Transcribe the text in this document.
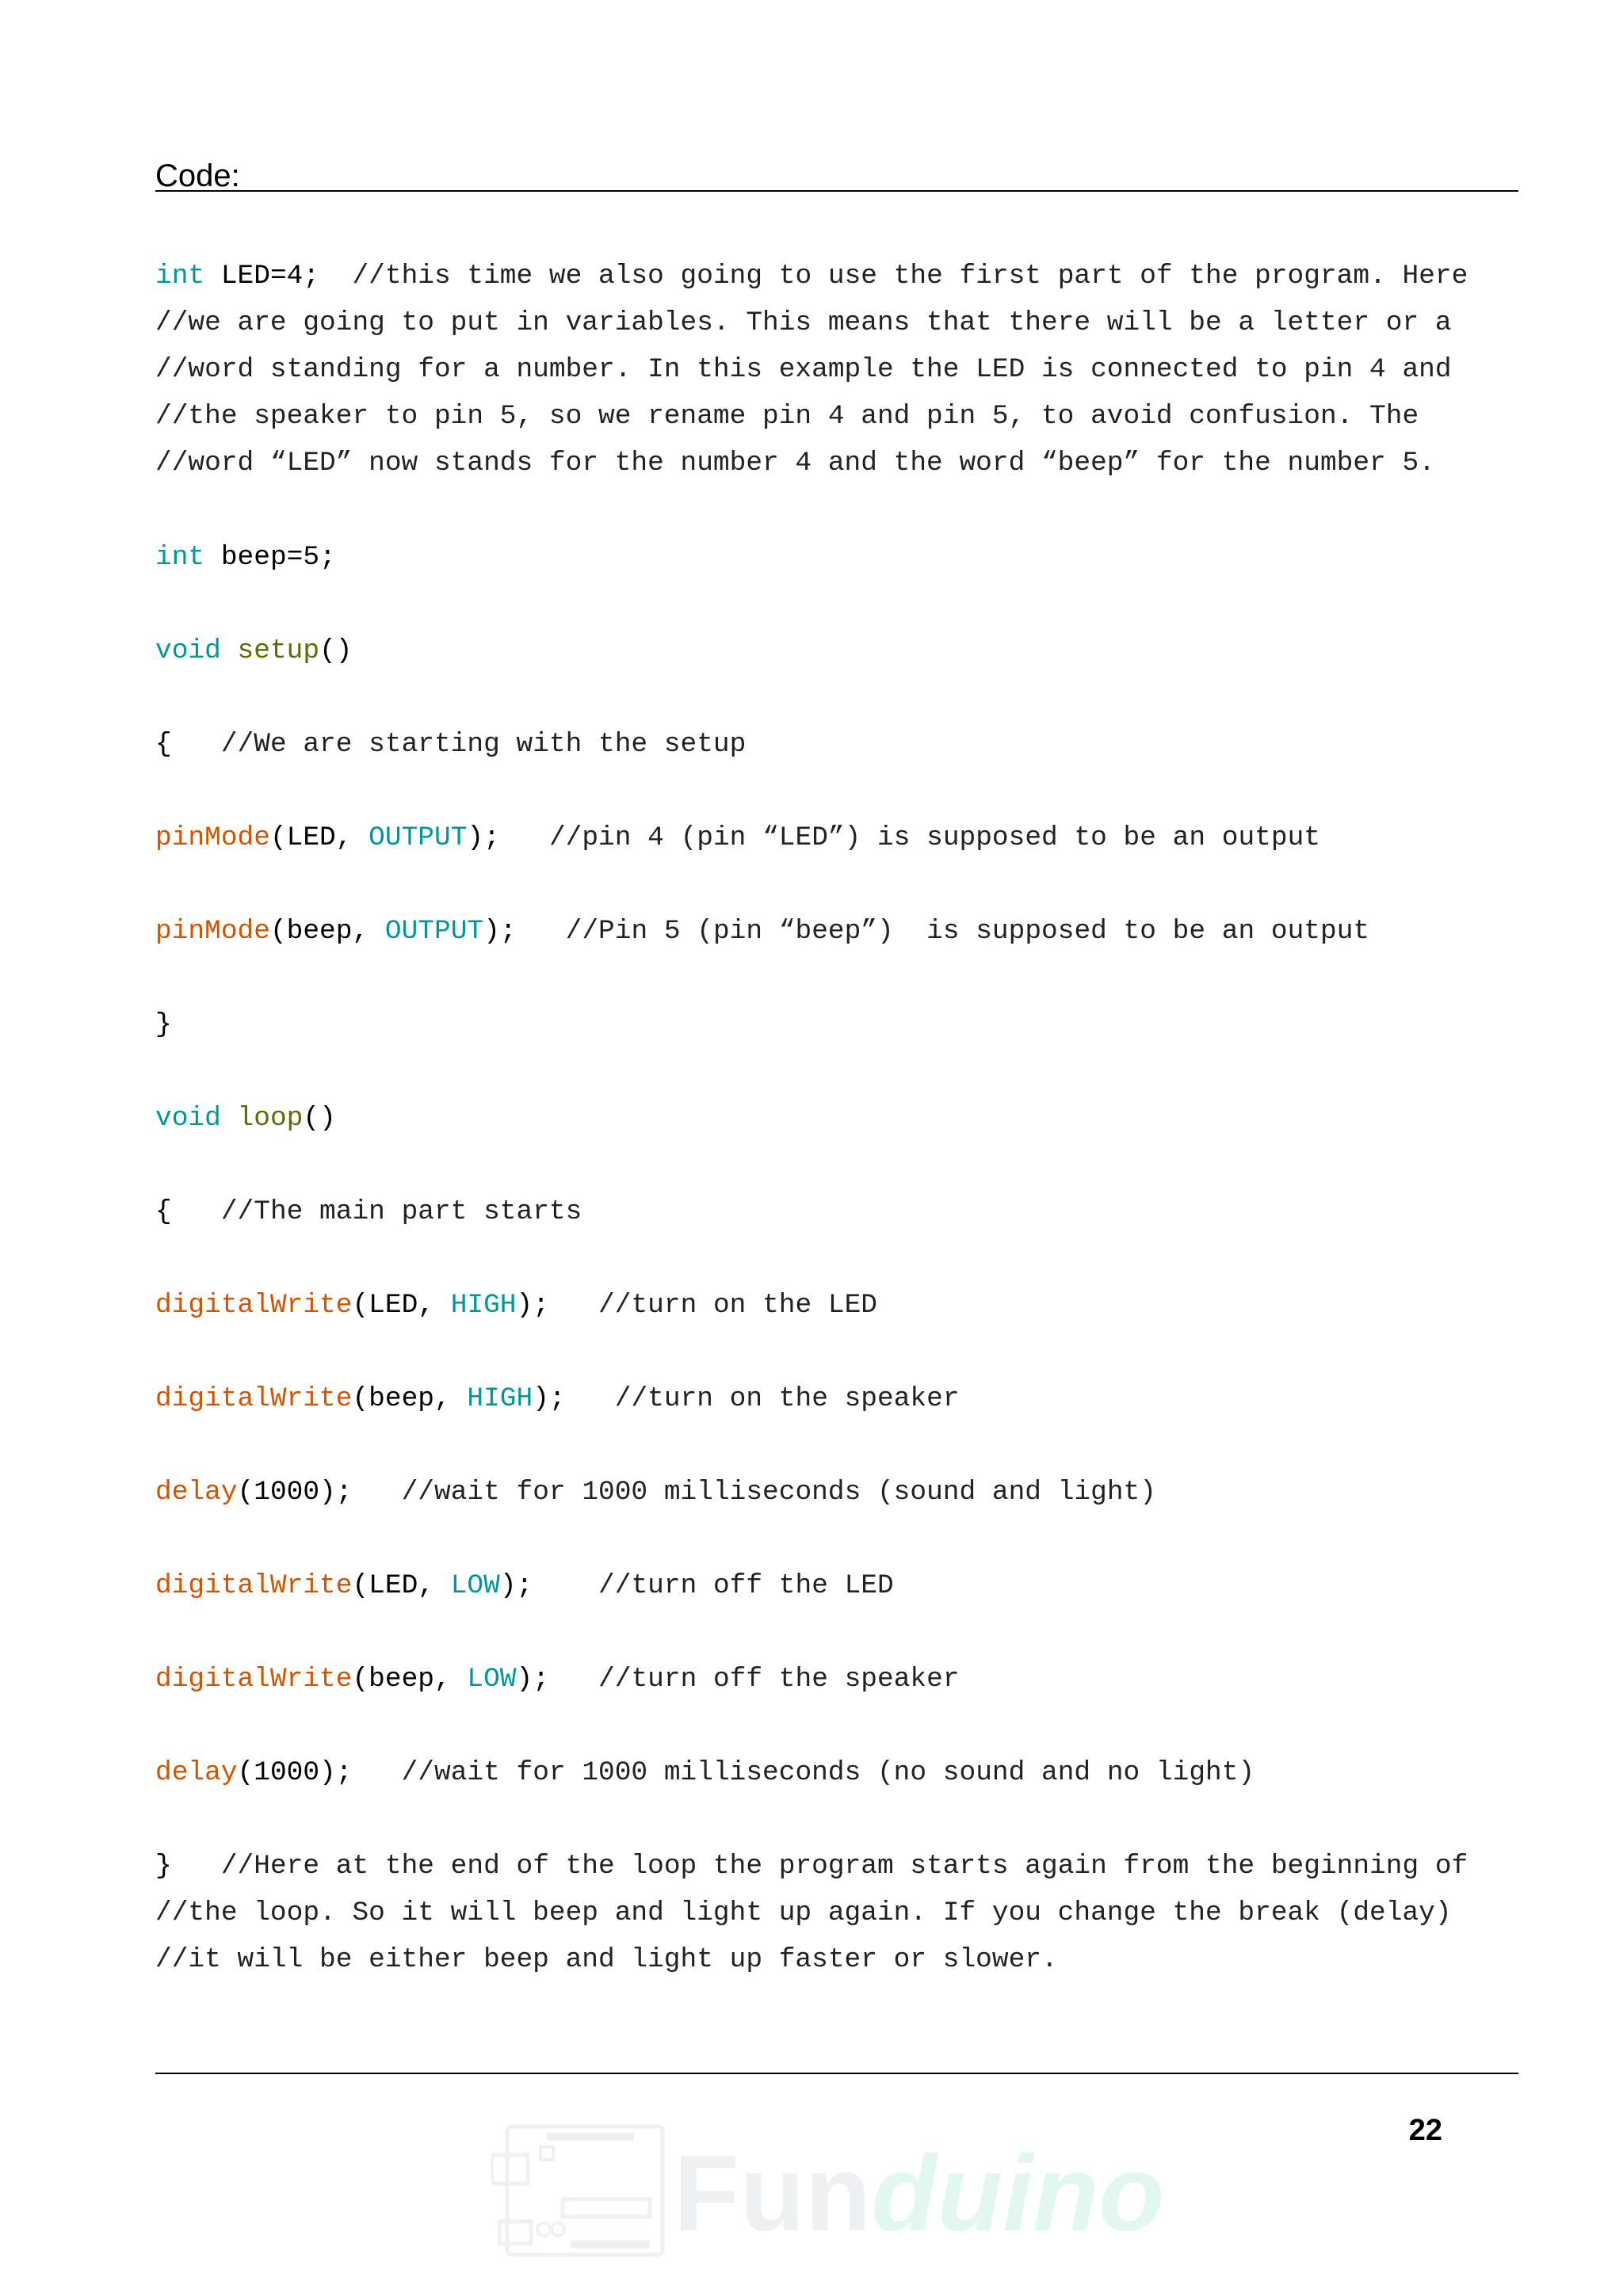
Code:
int LED=4;  //this time we also going to use the first part of the program. Here
//we are going to put in variables. This means that there will be a letter or a
//word standing for a number. In this example the LED is connected to pin 4 and
//the speaker to pin 5, so we rename pin 4 and pin 5, to avoid confusion. The
//word “LED” now stands for the number 4 and the word “beep” for the number 5.
int beep=5;
void setup()
{   //We are starting with the setup
pinMode(LED, OUTPUT);   //pin 4 (pin “LED”) is supposed to be an output
pinMode(beep, OUTPUT);   //Pin 5 (pin “beep”)  is supposed to be an output
}
void loop()
{   //The main part starts
digitalWrite(LED, HIGH);   //turn on the LED
digitalWrite(beep, HIGH);   //turn on the speaker
delay(1000);   //wait for 1000 milliseconds (sound and light)
digitalWrite(LED, LOW);    //turn off the LED
digitalWrite(beep, LOW);   //turn off the speaker
delay(1000);   //wait for 1000 milliseconds (no sound and no light)
}   //Here at the end of the loop the program starts again from the beginning of
//the loop. So it will beep and light up again. If you change the break (delay)
//it will be either beep and light up faster or slower.
22
Funduino
